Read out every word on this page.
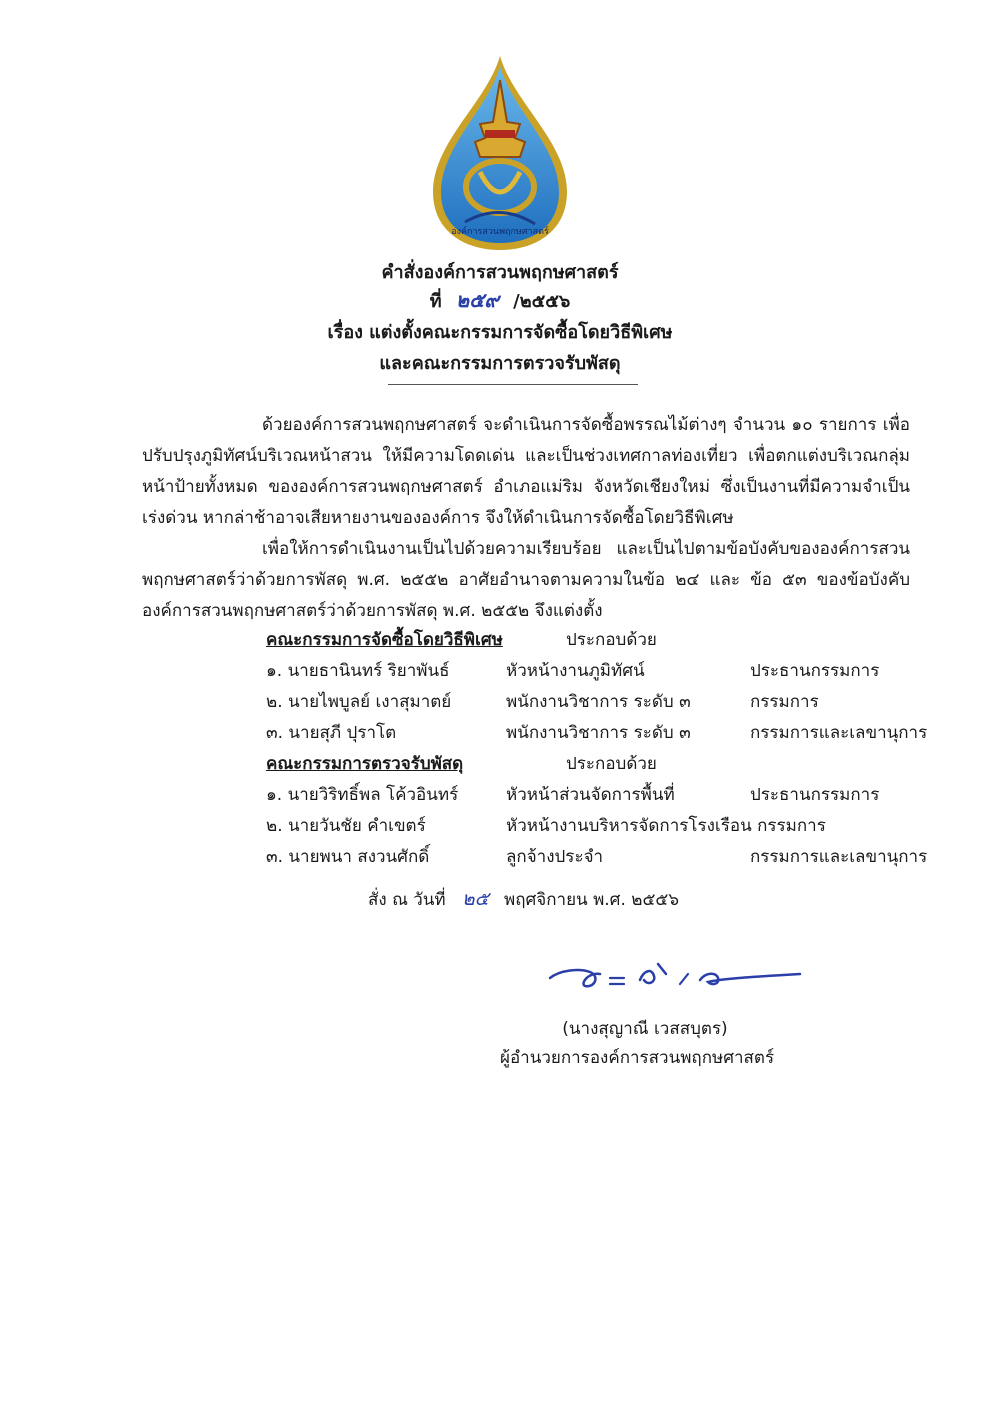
องค์การสวนพฤกษศาสตร์
คำสั่งองค์การสวนพฤกษศาสตร์
ที่ ๒๕๙ /๒๕๕๖
เรื่อง แต่งตั้งคณะกรรมการจัดซื้อโดยวิธีพิเศษ
และคณะกรรมการตรวจรับพัสดุ
ด้วยองค์การสวนพฤกษศาสตร์ จะดำเนินการจัดซื้อพรรณไม้ต่างๆ จำนวน ๑๐ รายการ เพื่อปรับปรุงภูมิทัศน์บริเวณหน้าสวน ให้มีความโดดเด่น และเป็นช่วงเทศกาลท่องเที่ยว เพื่อตกแต่งบริเวณกลุ่มหน้าป้ายทั้งหมด ขององค์การสวนพฤกษศาสตร์ อำเภอแม่ริม จังหวัดเชียงใหม่ ซึ่งเป็นงานที่มีความจำเป็นเร่งด่วน หากล่าช้าอาจเสียหายงานขององค์การ จึงให้ดำเนินการจัดซื้อโดยวิธีพิเศษ
เพื่อให้การดำเนินงานเป็นไปด้วยความเรียบร้อย และเป็นไปตามข้อบังคับขององค์การสวนพฤกษศาสตร์ว่าด้วยการพัสดุ พ.ศ. ๒๕๕๒ อาศัยอำนาจตามความในข้อ ๒๔ และ ข้อ ๕๓ ของข้อบังคับองค์การสวนพฤกษศาสตร์ว่าด้วยการพัสดุ พ.ศ. ๒๕๕๒ จึงแต่งตั้ง
คณะกรรมการจัดซื้อโดยวิธีพิเศษ	ประกอบด้วย
๑. นายธานินทร์ ริยาพันธ์	หัวหน้างานภูมิทัศน์	ประธานกรรมการ
๒. นายไพบูลย์ เงาสุมาตย์	พนักงานวิชาการ ระดับ ๓	กรรมการ
๓. นายสุภี ปุราโต	พนักงานวิชาการ ระดับ ๓	กรรมการและเลขานุการ
คณะกรรมการตรวจรับพัสดุ	ประกอบด้วย
๑. นายวิริทธิ์พล โค้วอินทร์	หัวหน้าส่วนจัดการพื้นที่	ประธานกรรมการ
๒. นายวันชัย คำเขตร์	หัวหน้างานบริหารจัดการโรงเรือน กรรมการ
๓. นายพนา สงวนศักดิ์	ลูกจ้างประจำ	กรรมการและเลขานุการ
สั่ง ณ วันที่ ๒๕ พฤศจิกายน พ.ศ. ๒๕๕๖
(นางสุญาณี เวสสบุตร)
ผู้อำนวยการองค์การสวนพฤกษศาสตร์
